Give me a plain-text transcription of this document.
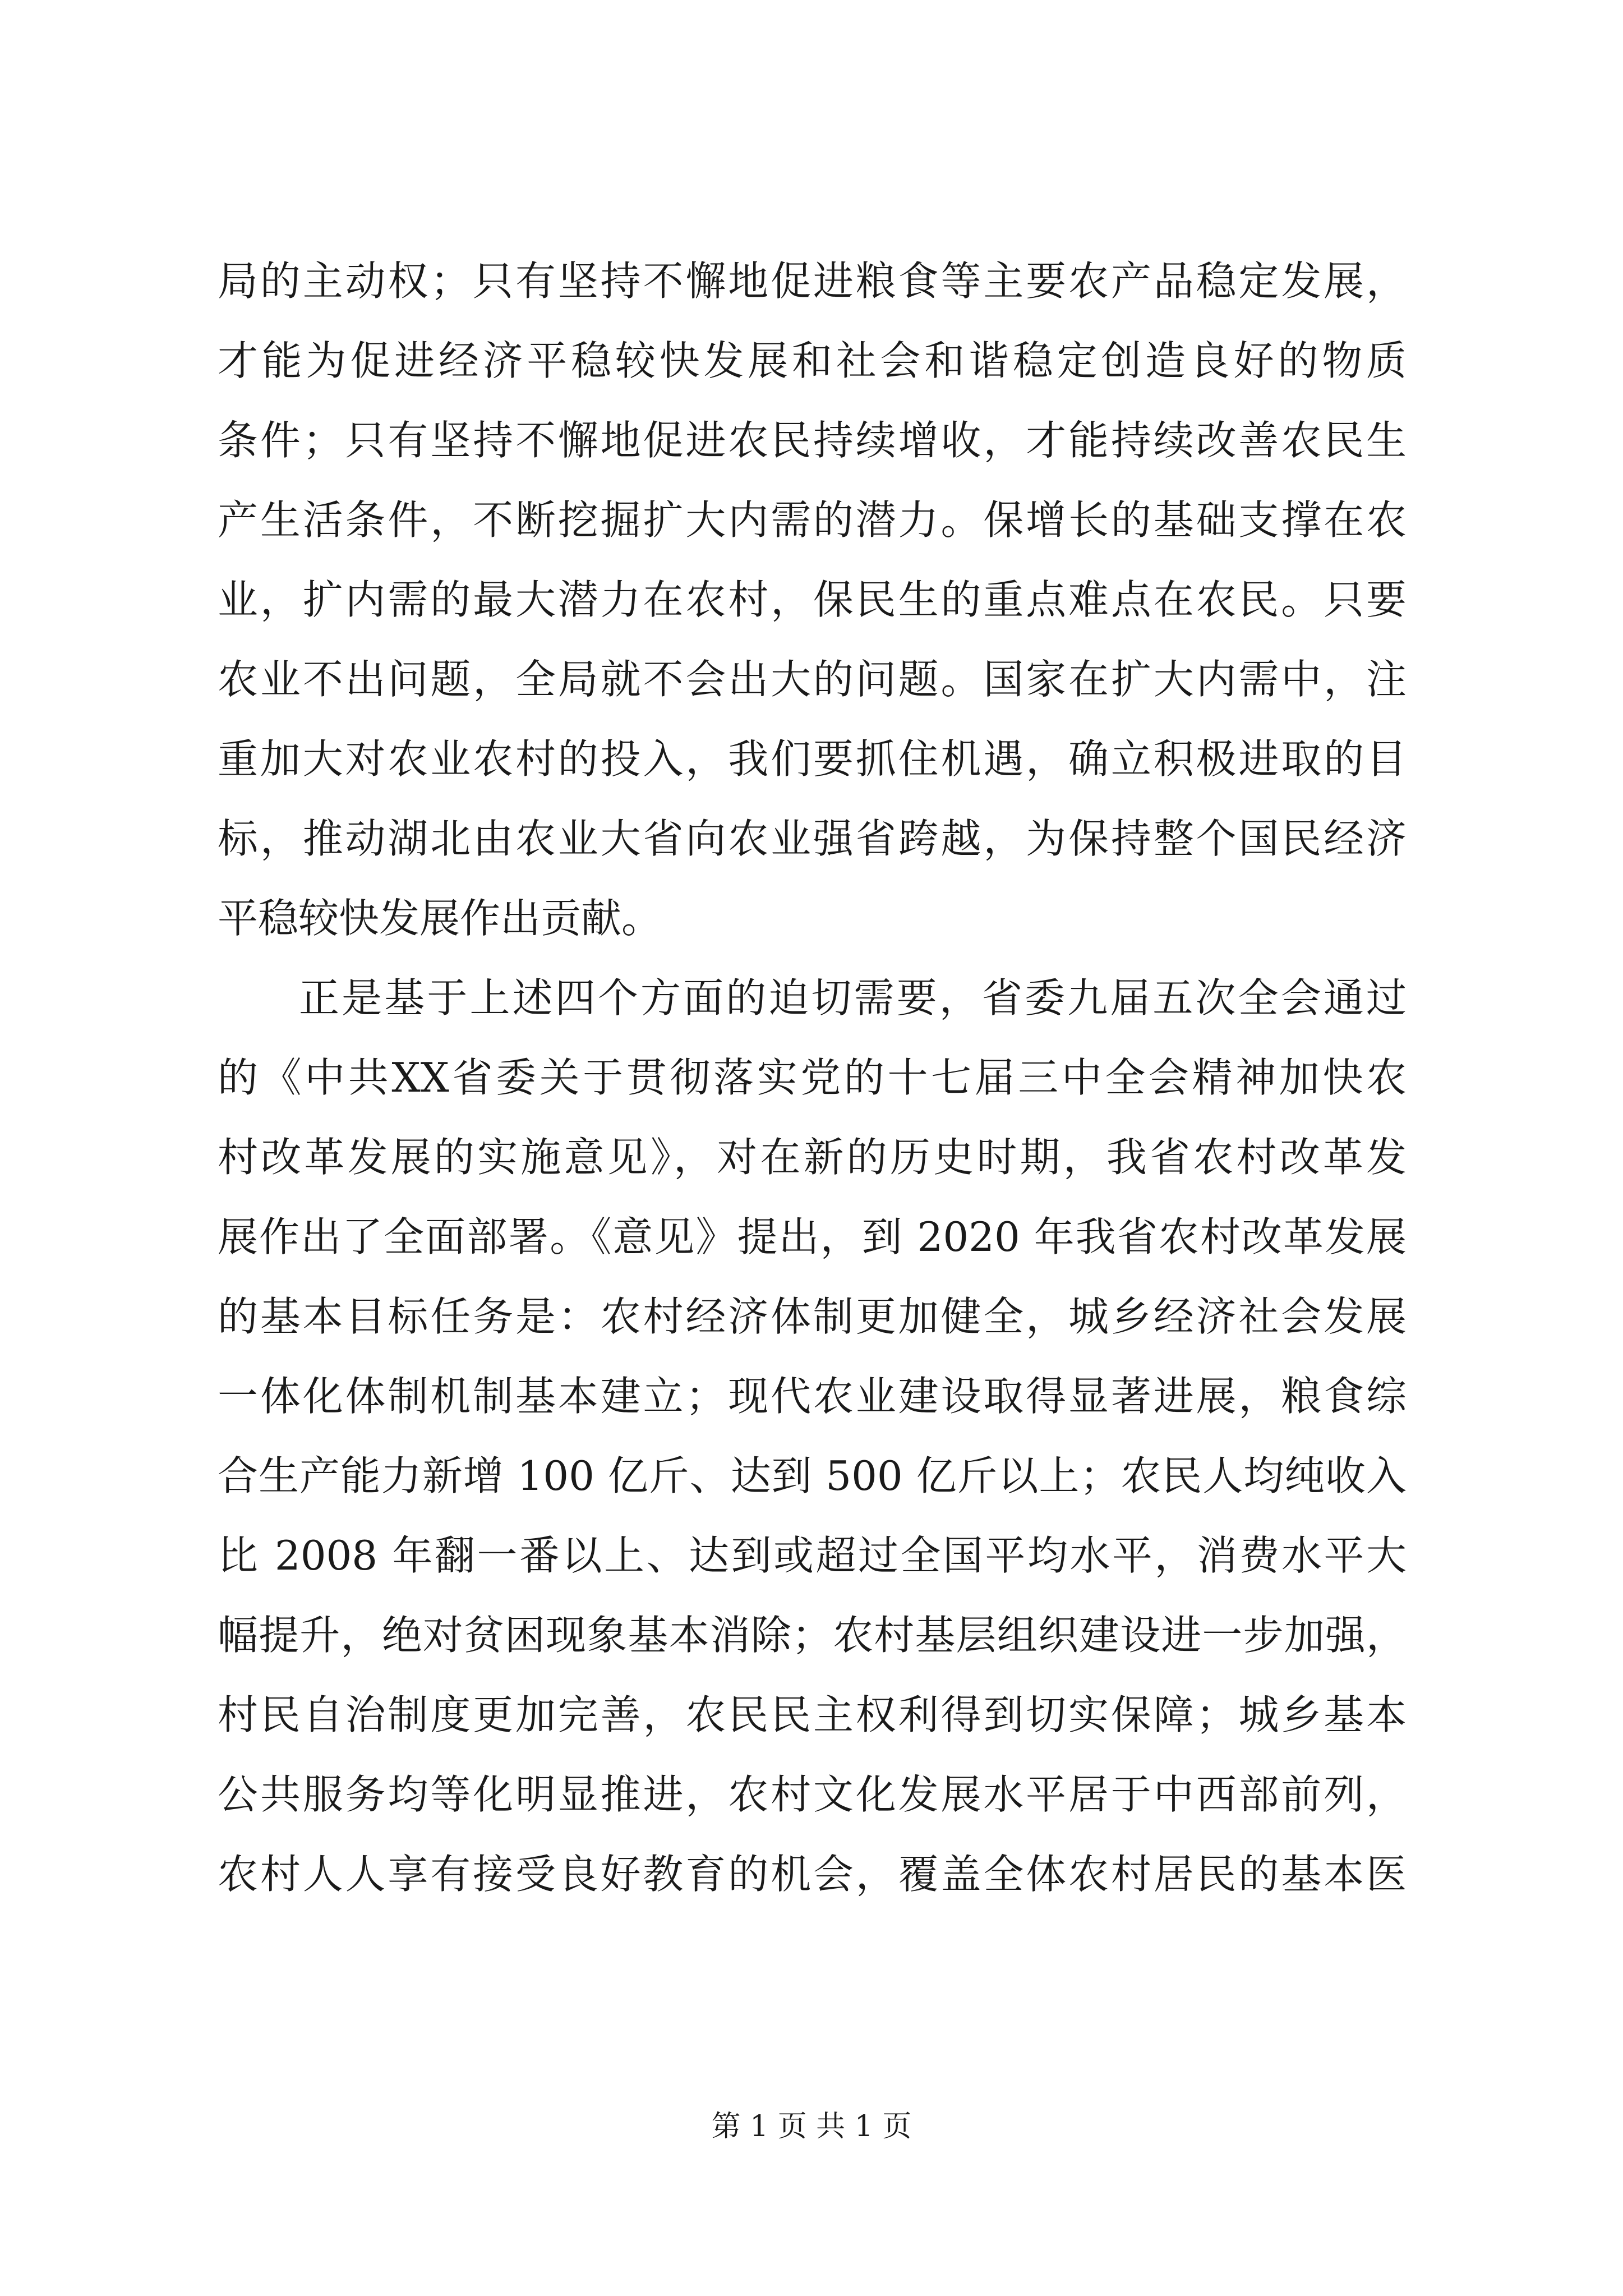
局的主动权；只有坚持不懈地促进粮食等主要农产品稳定发展，
才能为促进经济平稳较快发展和社会和谐稳定创造良好的物质
条件；只有坚持不懈地促进农民持续增收，才能持续改善农民生
产生活条件，不断挖掘扩大内需的潜力。保增长的基础支撑在农
业，扩内需的最大潜力在农村，保民生的重点难点在农民。只要
农业不出问题，全局就不会出大的问题。国家在扩大内需中，注
重加大对农业农村的投入，我们要抓住机遇，确立积极进取的目
标，推动湖北由农业大省向农业强省跨越，为保持整个国民经济
平稳较快发展作出贡献。
正是基于上述四个方面的迫切需要，省委九届五次全会通过
的《中共XX省委关于贯彻落实党的十七届三中全会精神加快农
村改革发展的实施意见》，对在新的历史时期，我省农村改革发
展作出了全面部署。《意见》提出，到 2020 年我省农村改革发展
的基本目标任务是：农村经济体制更加健全，城乡经济社会发展
一体化体制机制基本建立；现代农业建设取得显著进展，粮食综
合生产能力新增 100 亿斤、达到 500 亿斤以上；农民人均纯收入
比 2008 年翻一番以上、达到或超过全国平均水平，消费水平大
幅提升，绝对贫困现象基本消除；农村基层组织建设进一步加强，
村民自治制度更加完善，农民民主权利得到切实保障；城乡基本
公共服务均等化明显推进，农村文化发展水平居于中西部前列，
农村人人享有接受良好教育的机会，覆盖全体农村居民的基本医
第 1 页 共 1 页
